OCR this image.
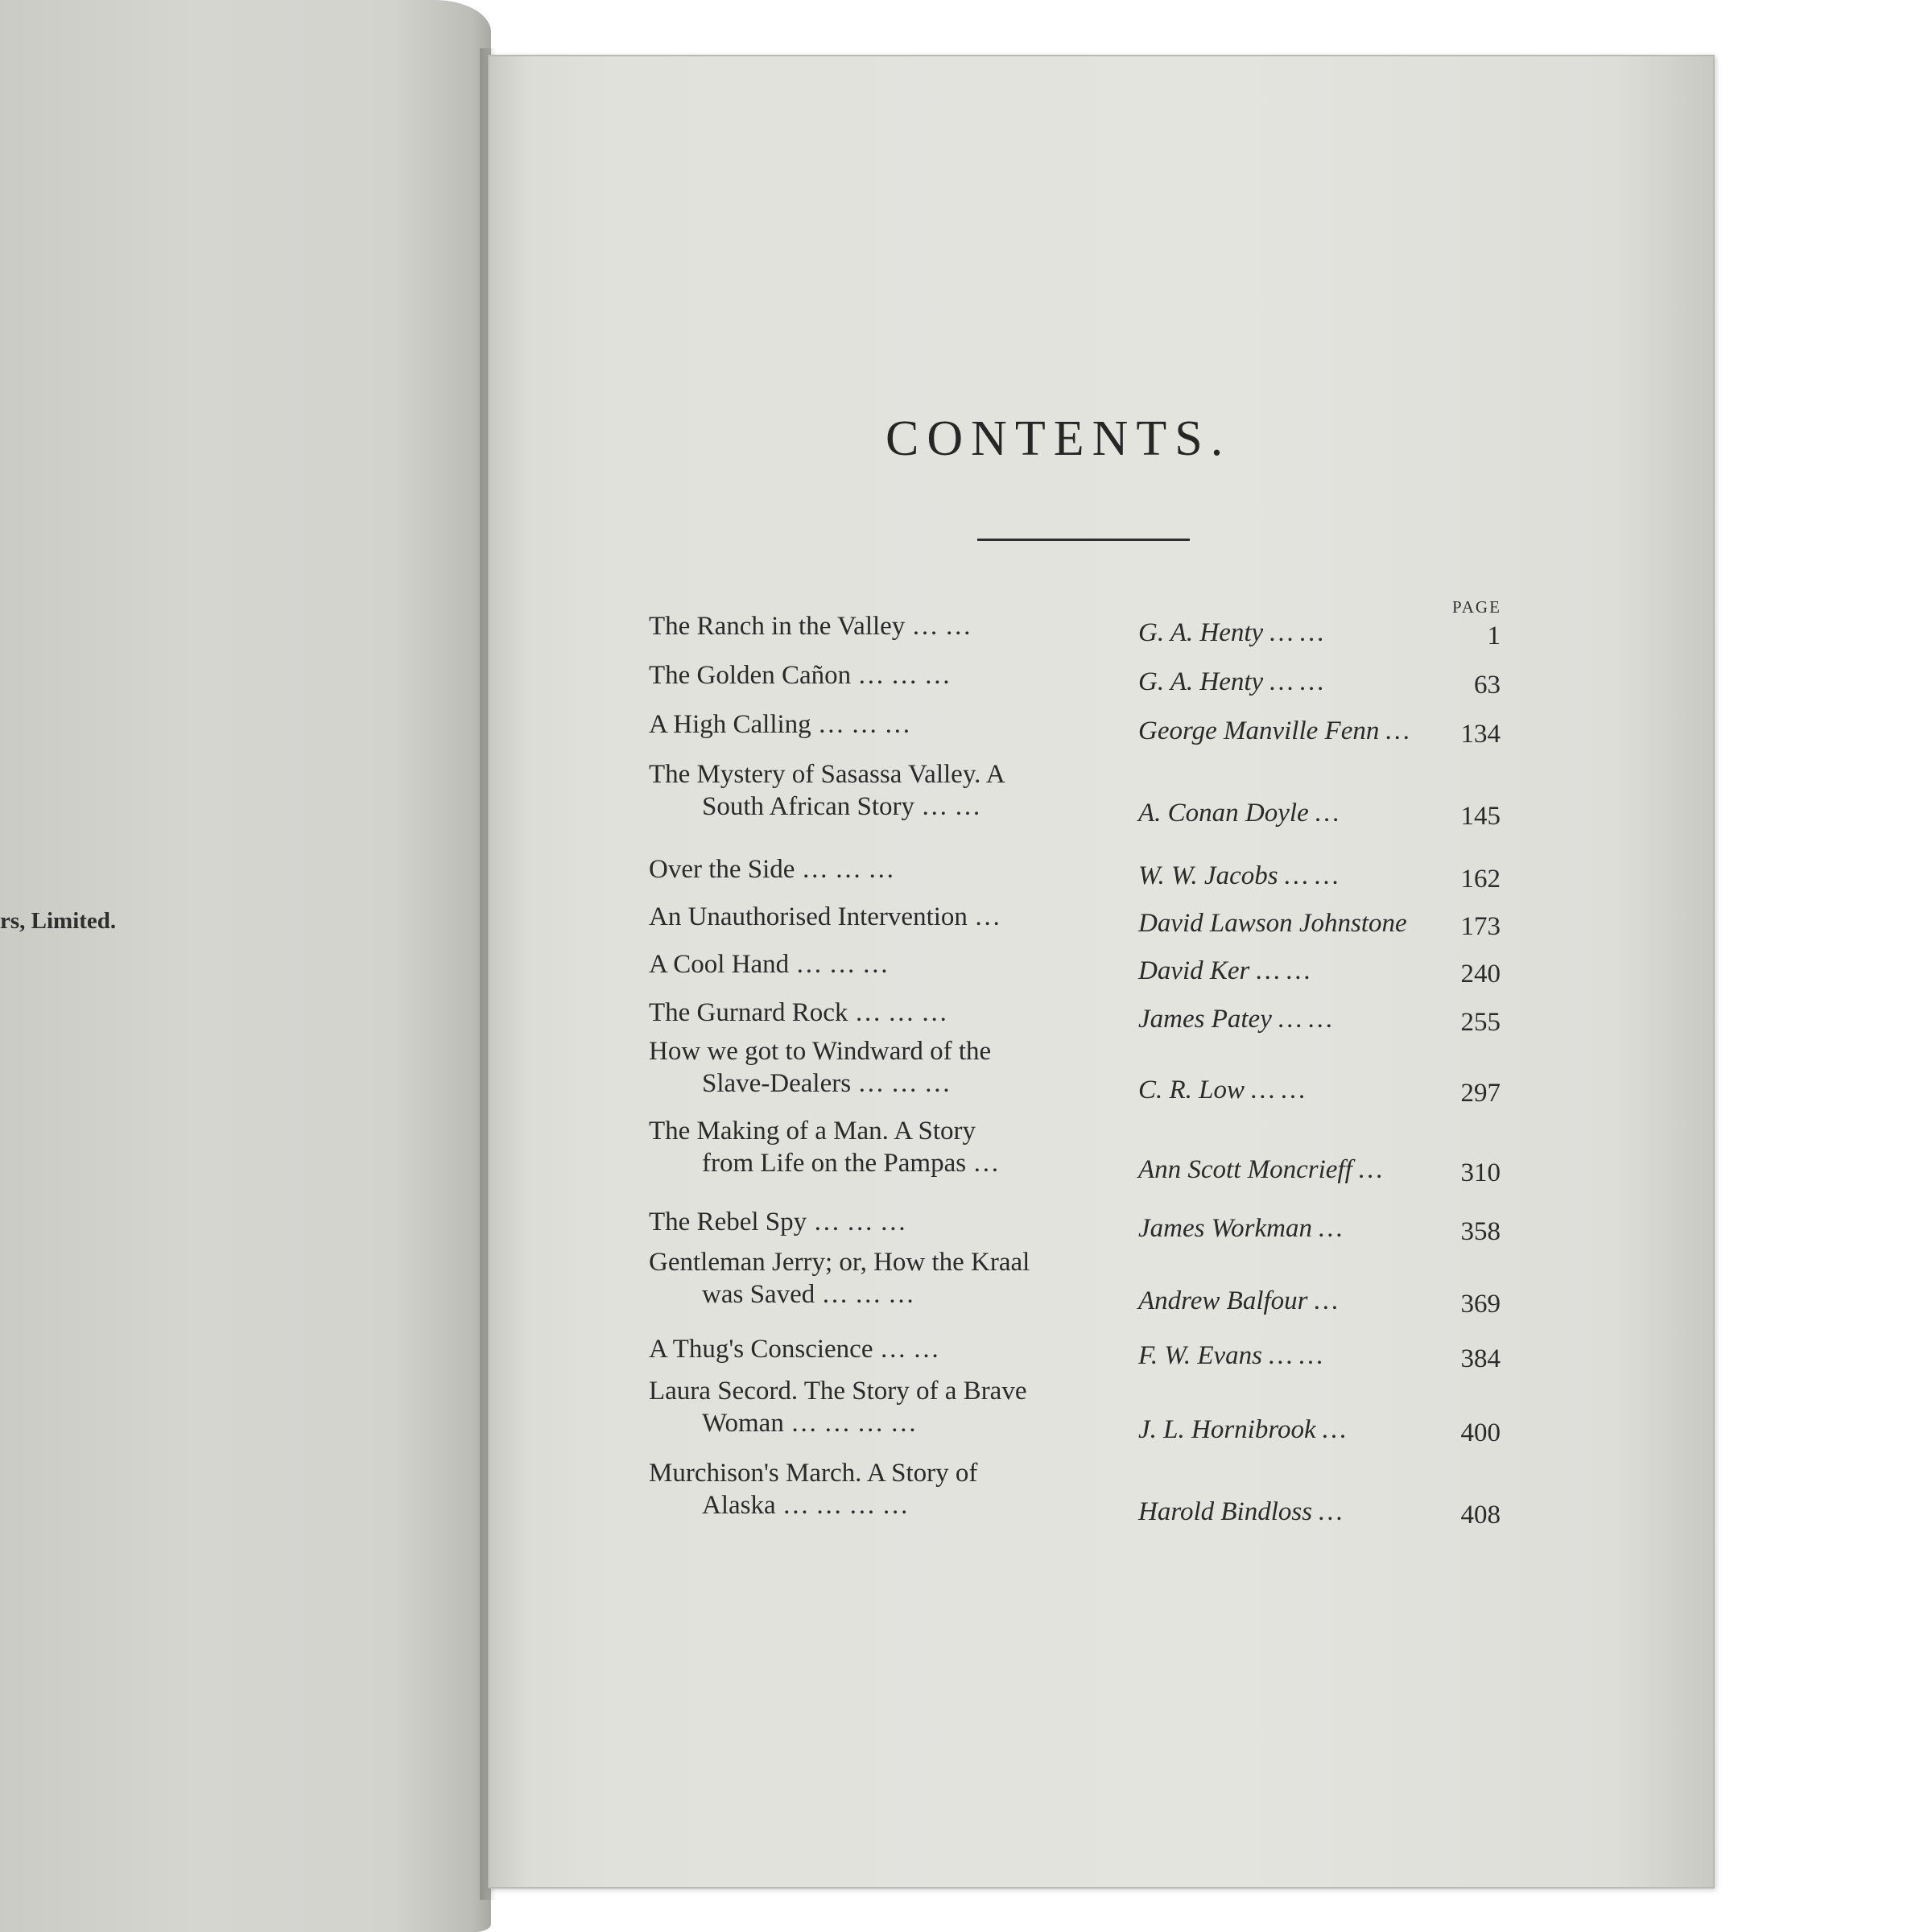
rs, Limited.
CONTENTS.
PAGE
The Ranch in the Valley … …	G. A. Henty … …	1
The Golden Cañon … … …	G. A. Henty … …	63
A High Calling … … …	George Manville Fenn …	134
The Mystery of Sasassa Valley. A
South African Story … …	A. Conan Doyle …	145
Over the Side … … …	W. W. Jacobs … …	162
An Unauthorised Intervention …	David Lawson Johnstone	173
A Cool Hand … … …	David Ker … …	240
The Gurnard Rock … … …	James Patey … …	255
How we got to Windward of the
Slave-Dealers … … …	C. R. Low … …	297
The Making of a Man. A Story
from Life on the Pampas …	Ann Scott Moncrieff …	310
The Rebel Spy … … …	James Workman …	358
Gentleman Jerry; or, How the Kraal
was Saved … … …	Andrew Balfour …	369
A Thug's Conscience … …	F. W. Evans … …	384
Laura Secord. The Story of a Brave
Woman … … … …	J. L. Hornibrook …	400
Murchison's March. A Story of
Alaska … … … …	Harold Bindloss …	408
